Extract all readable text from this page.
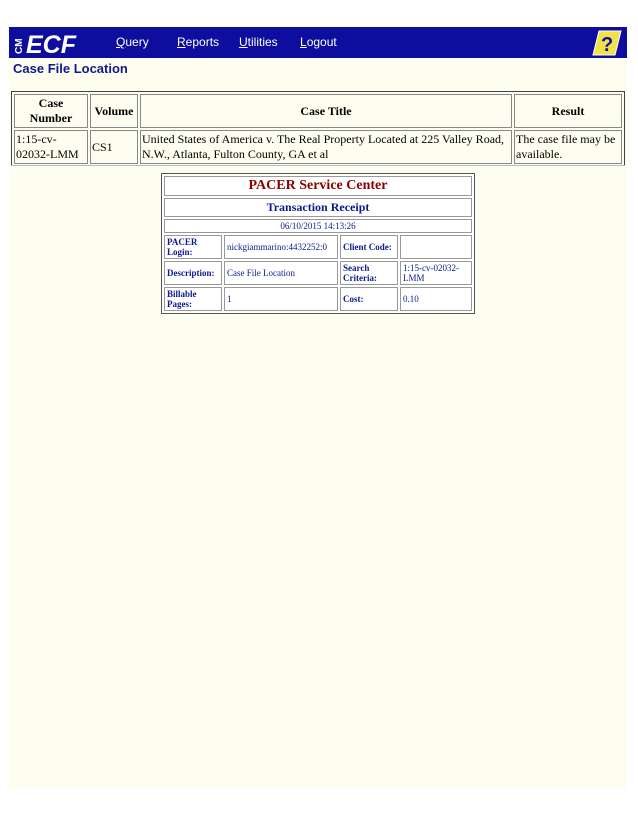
CM ECF	Query Reports Utilities Logout	?
Case File Location
Case Number	Volume	Case Title	Result
1:15-cv-02032-LMM	CS1	United States of America v. The Real Property Located at 225 Valley Road, N.W., Atlanta, Fulton County, GA et al	The case file may be available.
PACER Service Center			
Transaction Receipt			
06/10/2015 14:13:26			
PACER Login:	nickgiammarino:4432252:0	Client Code:	
Description:	Case File Location	Search Criteria:	1:15-cv-02032-LMM
Billable Pages:	1	Cost:	0.10
